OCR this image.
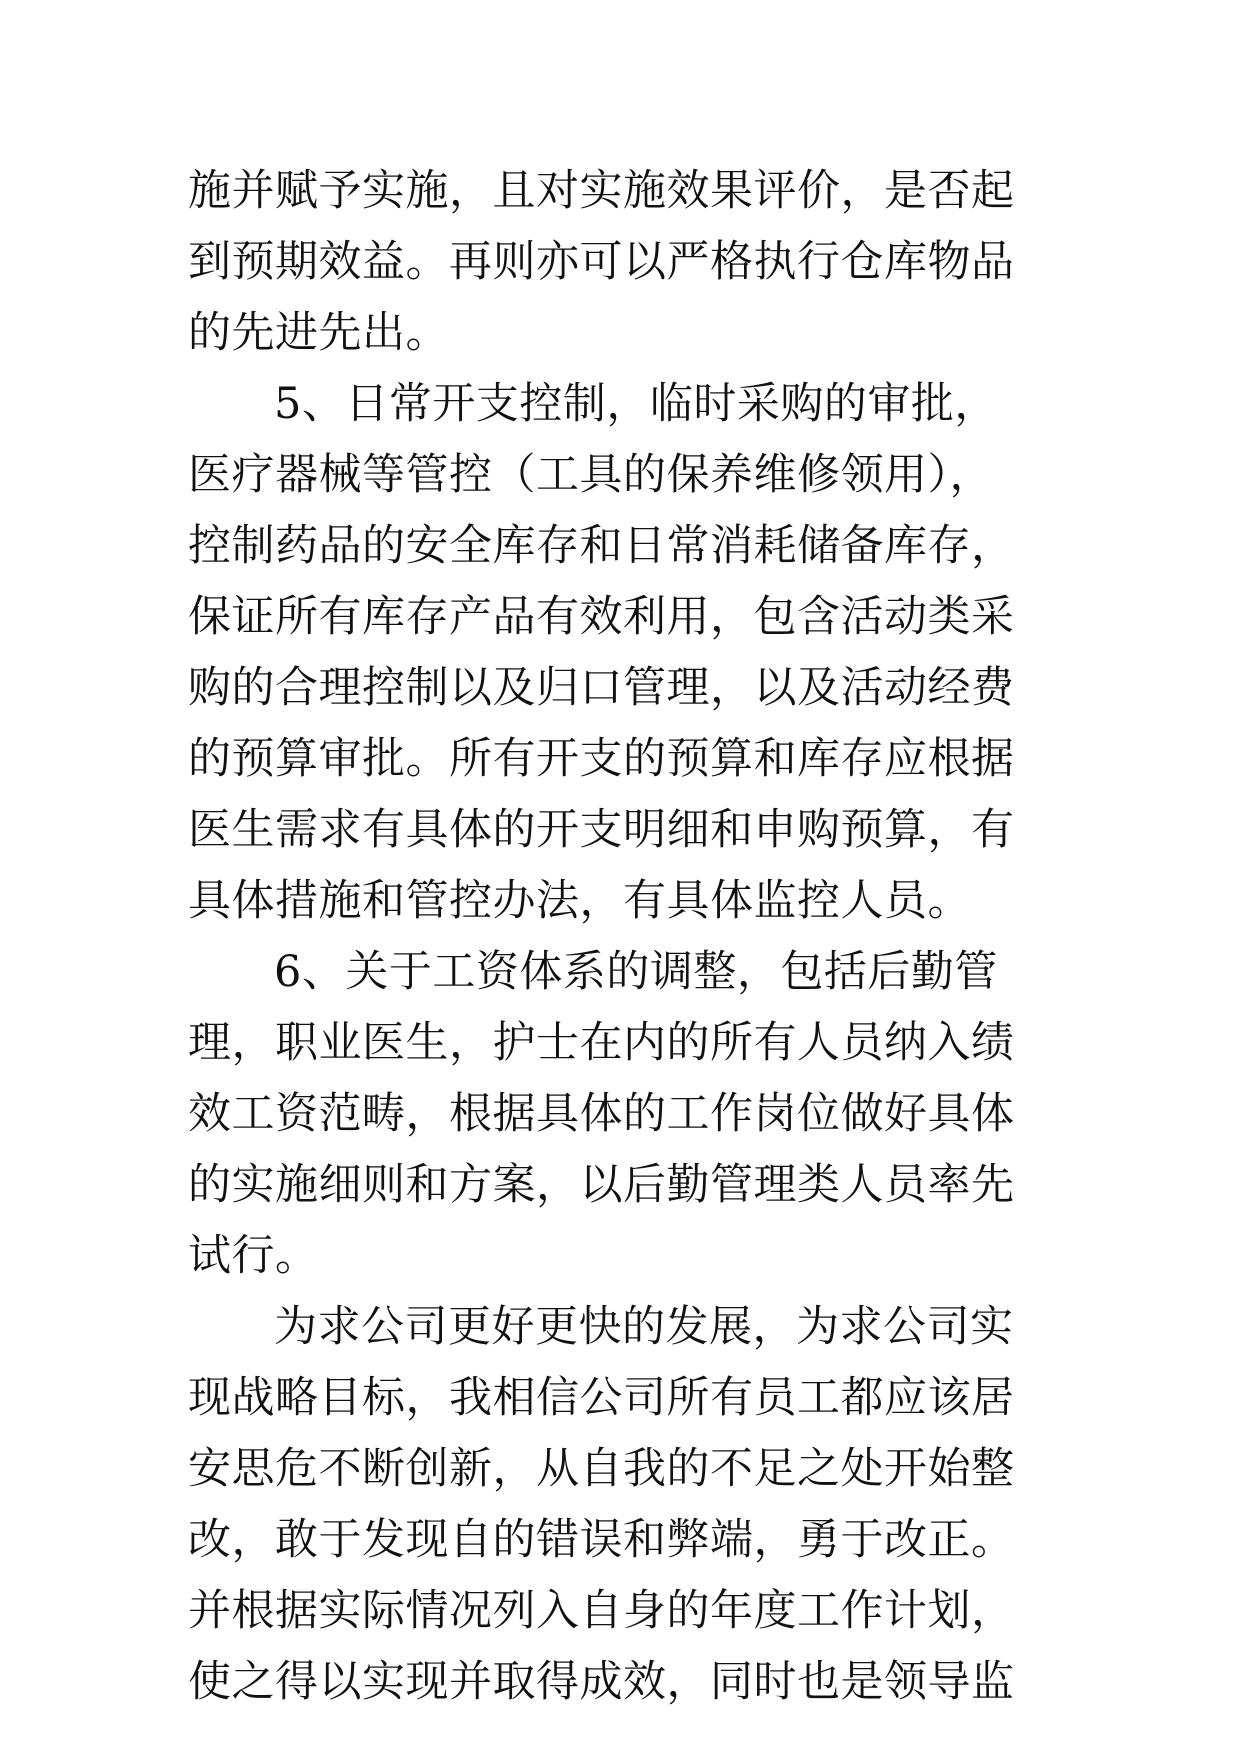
施并赋予实施，且对实施效果评价，是否起
到预期效益。再则亦可以严格执行仓库物品
的先进先出。
5、日常开支控制，临时采购的审批，
医疗器械等管控（工具的保养维修领用），
控制药品的安全库存和日常消耗储备库存，
保证所有库存产品有效利用，包含活动类采
购的合理控制以及归口管理，以及活动经费
的预算审批。所有开支的预算和库存应根据
医生需求有具体的开支明细和申购预算，有
具体措施和管控办法，有具体监控人员。
6、关于工资体系的调整，包括后勤管
理，职业医生，护士在内的所有人员纳入绩
效工资范畴，根据具体的工作岗位做好具体
的实施细则和方案，以后勤管理类人员率先
试行。
为求公司更好更快的发展，为求公司实
现战略目标，我相信公司所有员工都应该居
安思危不断创新，从自我的不足之处开始整
改，敢于发现自的错误和弊端，勇于改正。
并根据实际情况列入自身的年度工作计划，
使之得以实现并取得成效，同时也是领导监
